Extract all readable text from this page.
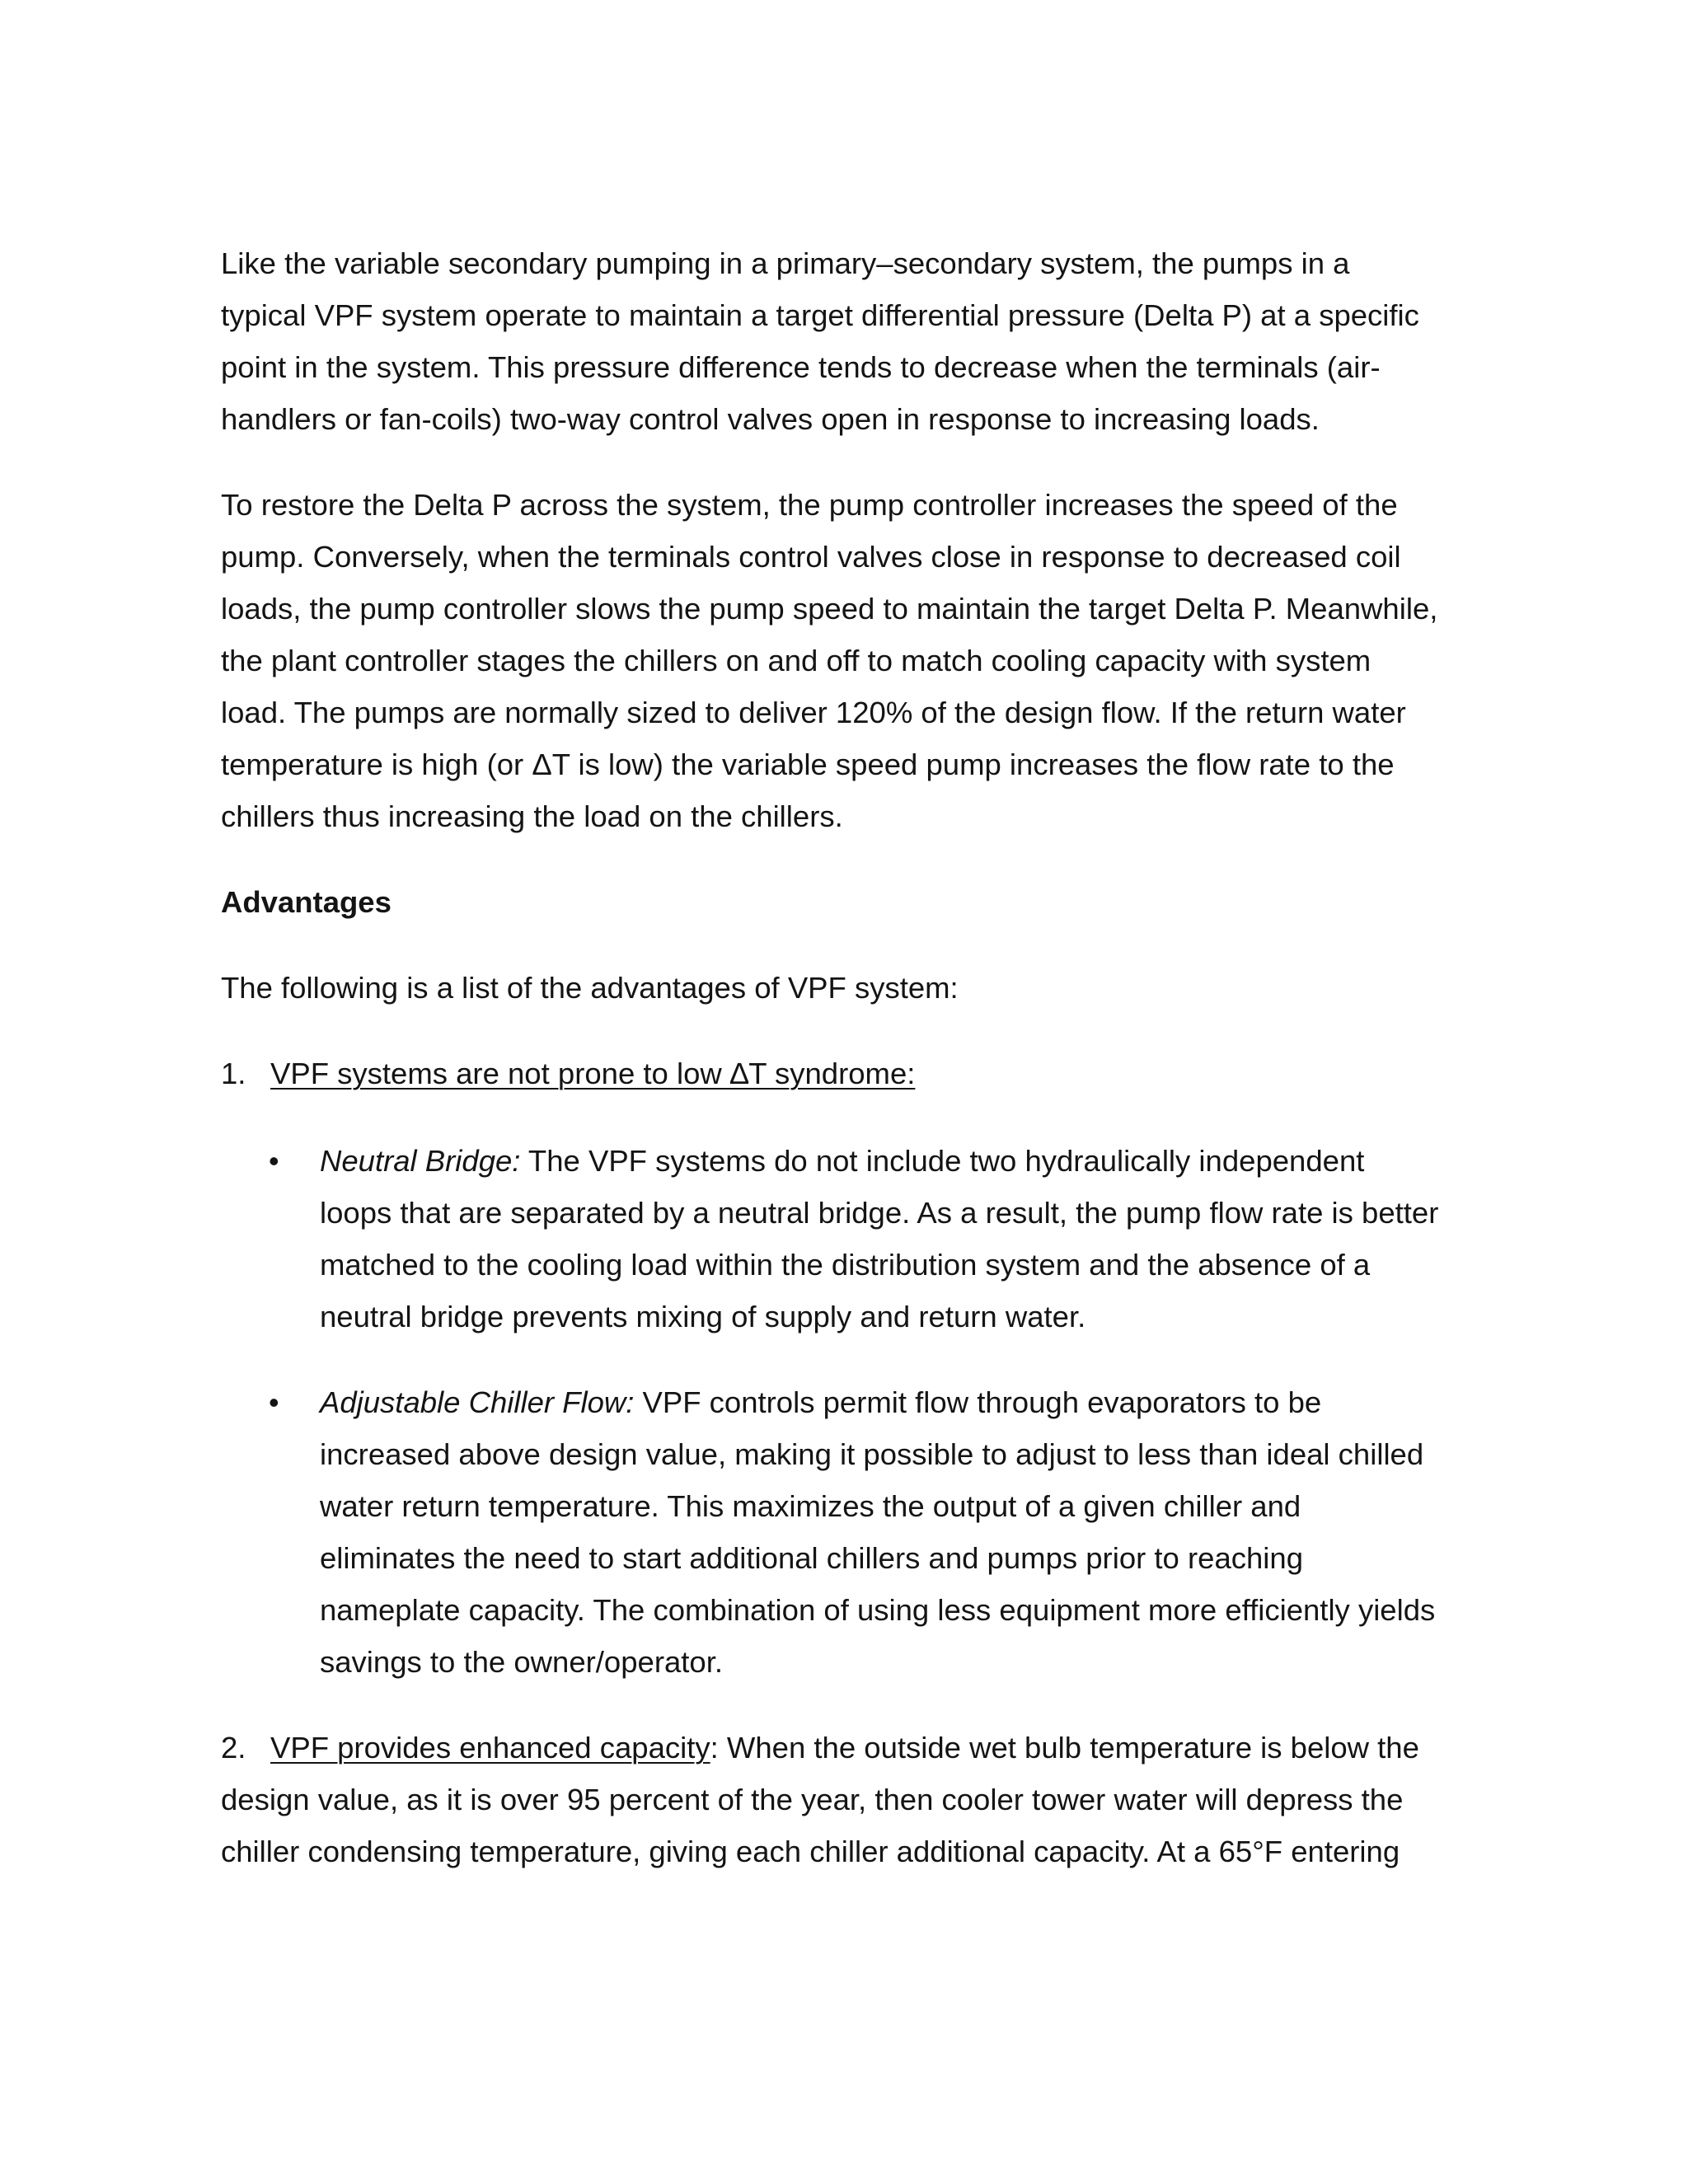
Like the variable secondary pumping in a primary–secondary system, the pumps in a typical VPF system operate to maintain a target differential pressure (Delta P) at a specific point in the system. This pressure difference tends to decrease when the terminals (air-handlers or fan-coils) two-way control valves open in response to increasing loads.

To restore the Delta P across the system, the pump controller increases the speed of the pump. Conversely, when the terminals control valves close in response to decreased coil loads, the pump controller slows the pump speed to maintain the target Delta P. Meanwhile, the plant controller stages the chillers on and off to match cooling capacity with system load. The pumps are normally sized to deliver 120% of the design flow. If the return water temperature is high (or ΔT is low) the variable speed pump increases the flow rate to the chillers thus increasing the load on the chillers.

Advantages

The following is a list of the advantages of VPF system:

1. VPF systems are not prone to low ∆T syndrome:
•	Neutral Bridge: The VPF systems do not include two hydraulically independent loops that are separated by a neutral bridge. As a result, the pump flow rate is better matched to the cooling load within the distribution system and the absence of a neutral bridge prevents mixing of supply and return water.
•	Adjustable Chiller Flow: VPF controls permit flow through evaporators to be increased above design value, making it possible to adjust to less than ideal chilled water return temperature. This maximizes the output of a given chiller and eliminates the need to start additional chillers and pumps prior to reaching nameplate capacity. The combination of using less equipment more efficiently yields savings to the owner/operator.

2. VPF provides enhanced capacity: When the outside wet bulb temperature is below the design value, as it is over 95 percent of the year, then cooler tower water will depress the chiller condensing temperature, giving each chiller additional capacity. At a 65°F entering
